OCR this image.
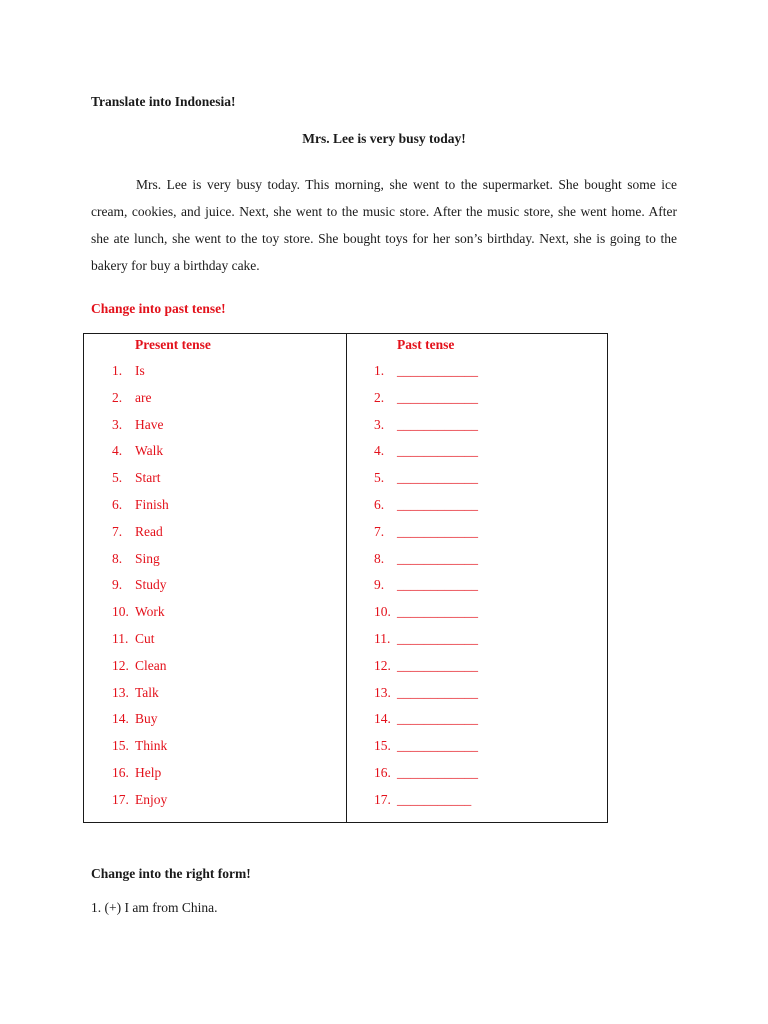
Translate into Indonesia!
Mrs. Lee is very busy today!

Mrs. Lee is very busy today. This morning, she went to the supermarket. She bought some ice cream, cookies, and juice. Next, she went to the music store. After the music store, she went home. After she ate lunch, she went to the toy store. She bought toys for her son’s birthday. Next, she is going to the bakery for buy a birthday cake.

Change into past tense!
Present tense	Past tense
1. Is
2. are
3. Have
4. Walk
5. Start
6. Finish
7. Read
8. Sing
9. Study
10. Work
11. Cut
12. Clean
13. Talk
14. Buy
15. Think
16. Help
17. Enjoy
1. ____________
2. ____________
3. ____________
4. ____________
5. ____________
6. ____________
7. ____________
8. ____________
9. ____________
10. ____________
11. ____________
12. ____________
13. ____________
14. ____________
15. ____________
16. ____________
17. ___________
Change into the right form!
1. (+) I am from China.
